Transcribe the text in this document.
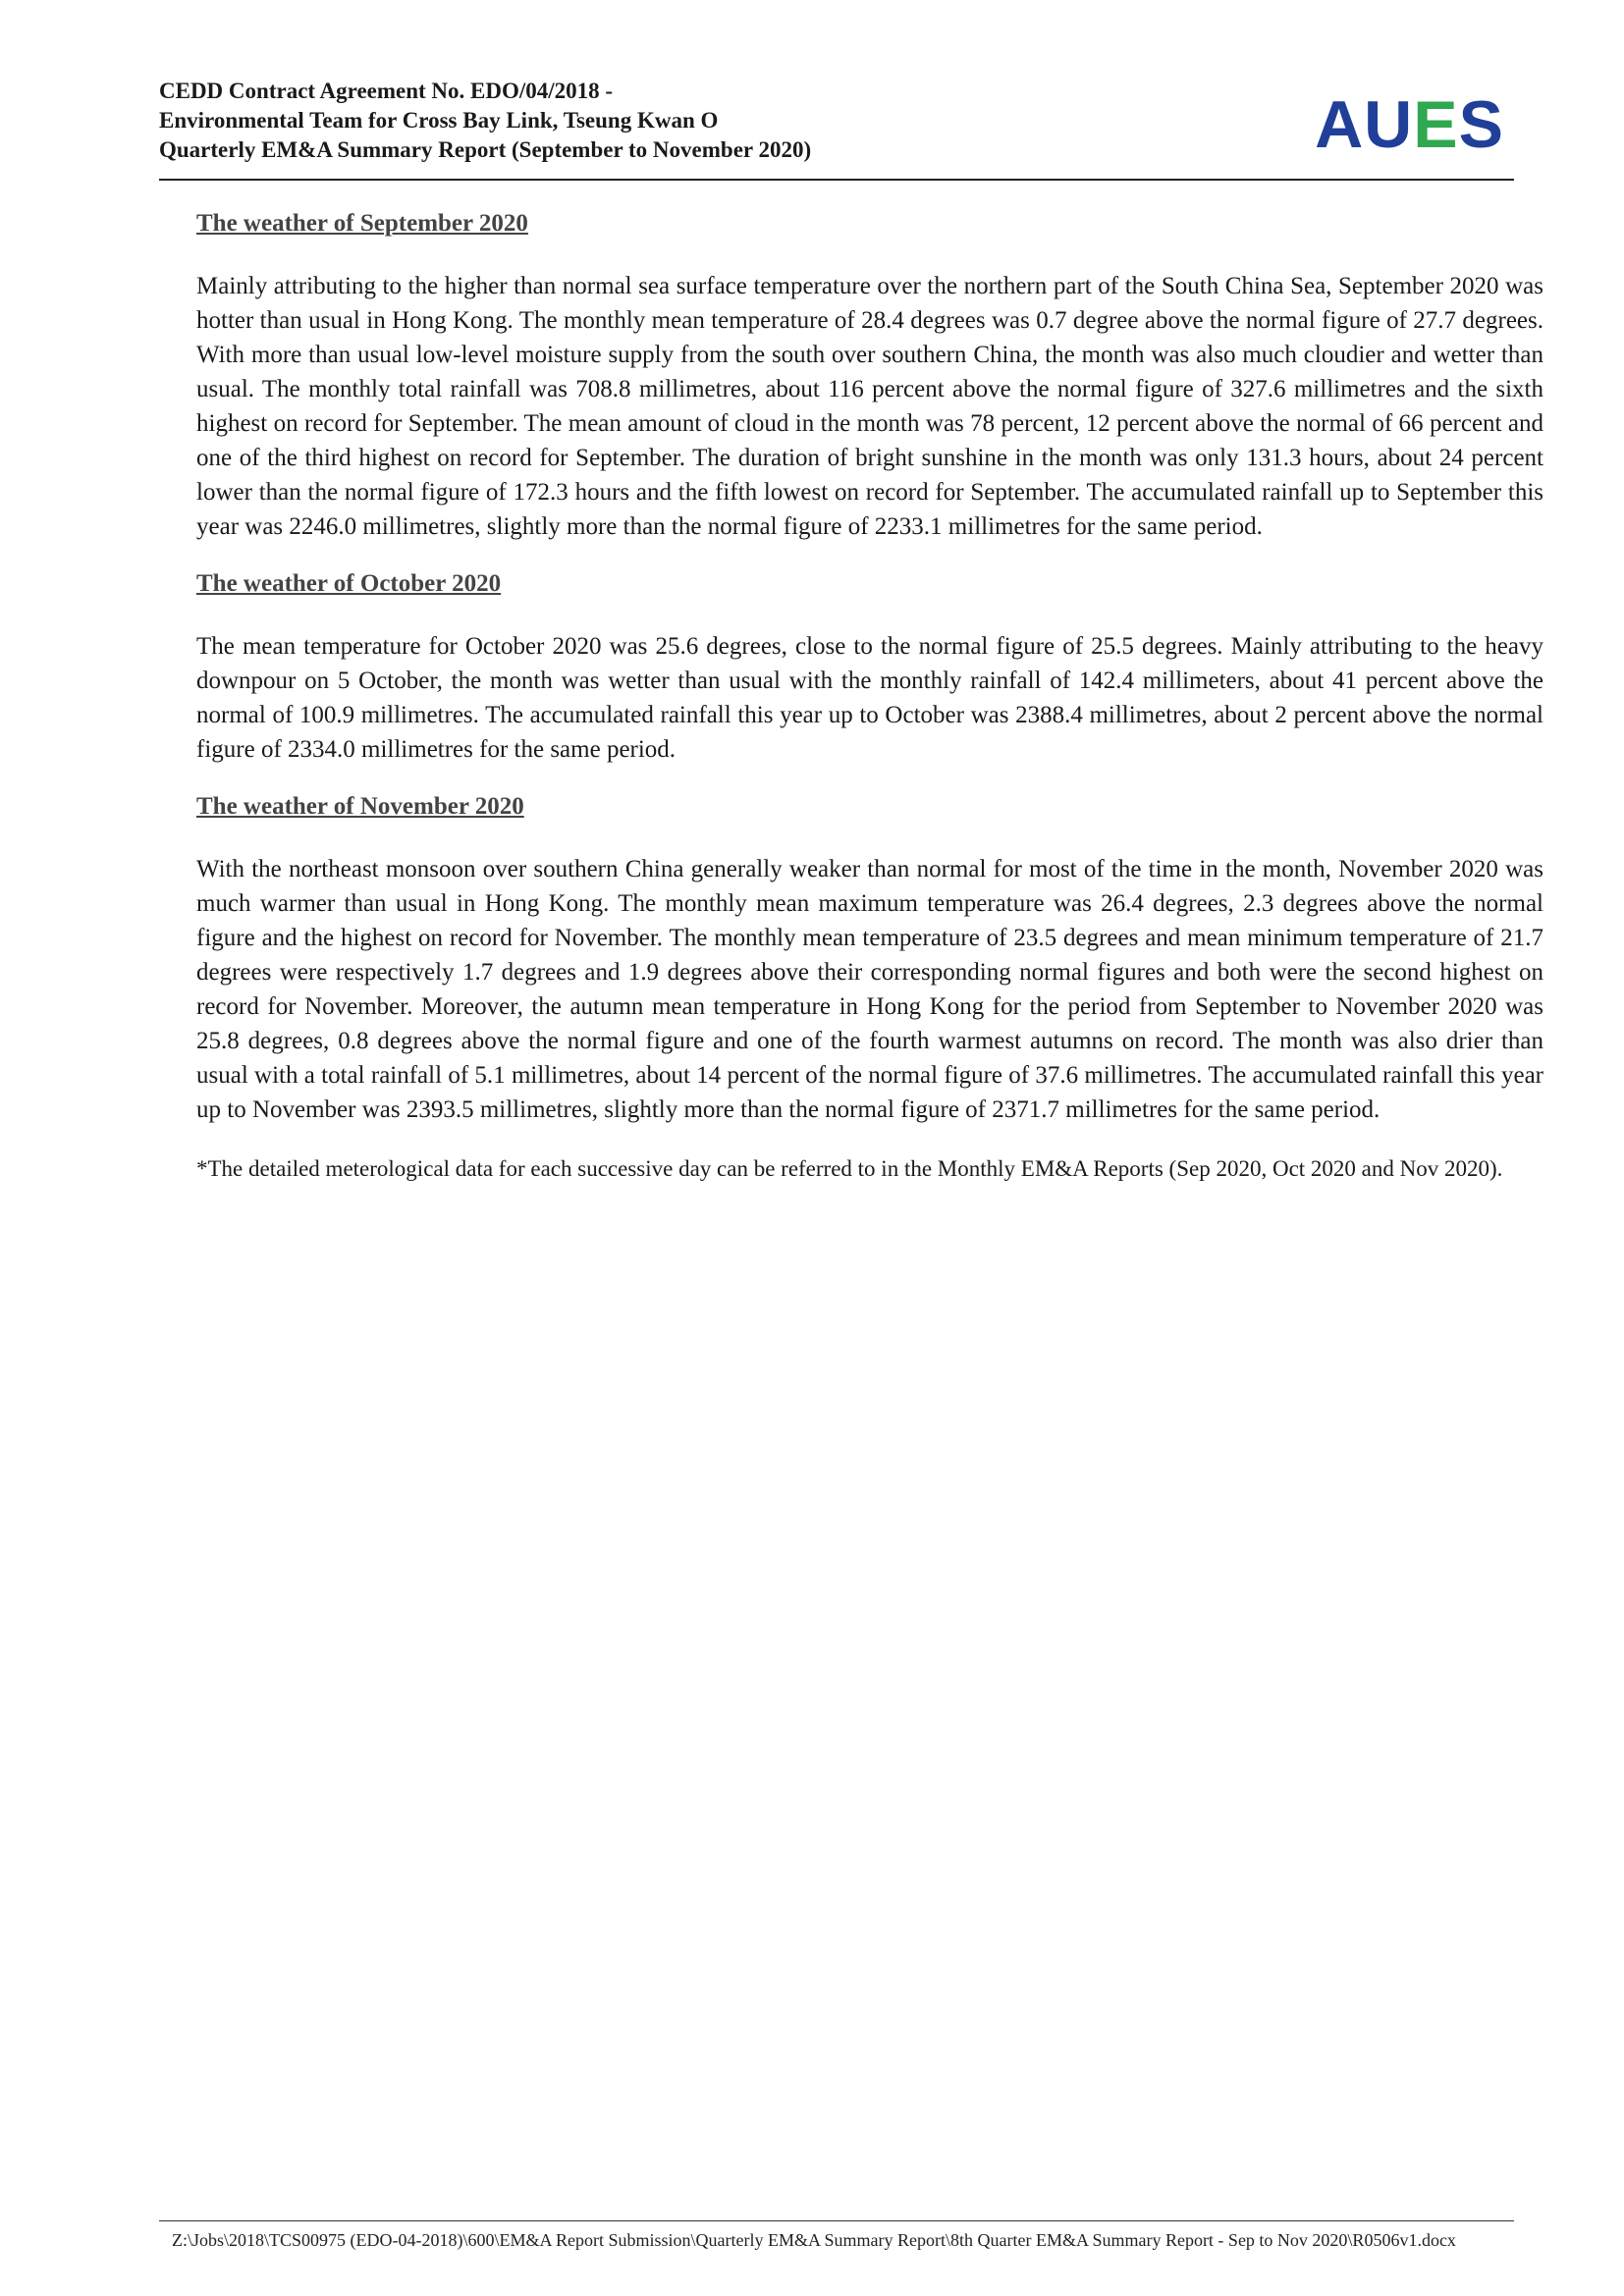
CEDD Contract Agreement No. EDO/04/2018 -
Environmental Team for Cross Bay Link, Tseung Kwan O
Quarterly EM&A Summary Report (September to November 2020)	AUES
The weather of September 2020

Mainly attributing to the higher than normal sea surface temperature over the northern part of the South China Sea, September 2020 was hotter than usual in Hong Kong. The monthly mean temperature of 28.4 degrees was 0.7 degree above the normal figure of 27.7 degrees. With more than usual low-level moisture supply from the south over southern China, the month was also much cloudier and wetter than usual. The monthly total rainfall was 708.8 millimetres, about 116 percent above the normal figure of 327.6 millimetres and the sixth highest on record for September. The mean amount of cloud in the month was 78 percent, 12 percent above the normal of 66 percent and one of the third highest on record for September. The duration of bright sunshine in the month was only 131.3 hours, about 24 percent lower than the normal figure of 172.3 hours and the fifth lowest on record for September. The accumulated rainfall up to September this year was 2246.0 millimetres, slightly more than the normal figure of 2233.1 millimetres for the same period.

The weather of October 2020

The mean temperature for October 2020 was 25.6 degrees, close to the normal figure of 25.5 degrees. Mainly attributing to the heavy downpour on 5 October, the month was wetter than usual with the monthly rainfall of 142.4 millimeters, about 41 percent above the normal of 100.9 millimetres. The accumulated rainfall this year up to October was 2388.4 millimetres, about 2 percent above the normal figure of 2334.0 millimetres for the same period.

The weather of November 2020

With the northeast monsoon over southern China generally weaker than normal for most of the time in the month, November 2020 was much warmer than usual in Hong Kong. The monthly mean maximum temperature was 26.4 degrees, 2.3 degrees above the normal figure and the highest on record for November. The monthly mean temperature of 23.5 degrees and mean minimum temperature of 21.7 degrees were respectively 1.7 degrees and 1.9 degrees above their corresponding normal figures and both were the second highest on record for November. Moreover, the autumn mean temperature in Hong Kong for the period from September to November 2020 was 25.8 degrees, 0.8 degrees above the normal figure and one of the fourth warmest autumns on record. The month was also drier than usual with a total rainfall of 5.1 millimetres, about 14 percent of the normal figure of 37.6 millimetres. The accumulated rainfall this year up to November was 2393.5 millimetres, slightly more than the normal figure of 2371.7 millimetres for the same period.

*The detailed meterological data for each successive day can be referred to in the Monthly EM&A Reports (Sep 2020, Oct 2020 and Nov 2020).

Z:\Jobs\2018\TCS00975 (EDO-04-2018)\600\EM&A Report Submission\Quarterly EM&A Summary Report\8th Quarter EM&A Summary Report - Sep to Nov 2020\R0506v1.docx
